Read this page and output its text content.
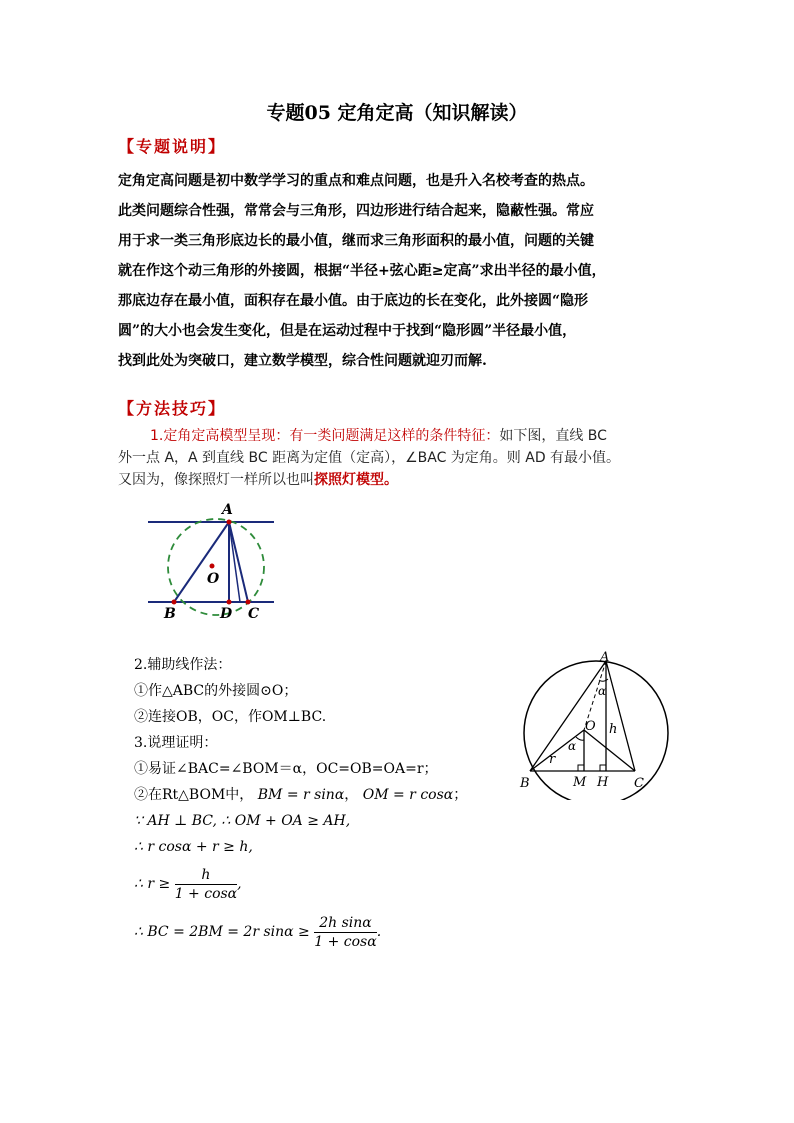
专题05 定角定高（知识解读）
【专题说明】

定角定高问题是初中数学学习的重点和难点问题，也是升入名校考查的热点。

此类问题综合性强，常常会与三角形，四边形进行结合起来，隐蔽性强。常应

用于求一类三角形底边长的最小值，继而求三角形面积的最小值，问题的关键

就在作这个动三角形的外接圆，根据“半径+弦心距≥定高”求出半径的最小值，

那底边存在最小值，面积存在最小值。由于底边的长在变化，此外接圆“隐形

圆”的大小也会发生变化，但是在运动过程中于找到“隐形圆”半径最小值，

找到此处为突破口，建立数学模型，综合性问题就迎刃而解.

【方法技巧】

1.定角定高模型呈现：有一类问题满足这样的条件特征：如下图，直线 BC

外一点 A，A 到直线 BC 距离为定值（定高），∠BAC 为定角。则 AD 有最小值。

又因为，像探照灯一样所以也叫探照灯模型。

A
B	D C
O
A
B	C
M H
O
r
h
α
α

2.辅助线作法：

①作△ABC的外接圆⊙O；

②连接OB，OC，作OM⊥BC.

3.说理证明：

①易证∠BAC=∠BOM＝α，OC=OB=OA=r；

②在Rt△BOM中， BM = r sinα， OM = r cosα；

∵ AH ⊥ BC, ∴ OM + OA ≥ AH,

∴ r cosα + r ≥ h,

∴ $r \ge \frac{h}{1 + \cos\alpha}$ ,

∴ BC = 2BM = 2r $\sin\alpha \ge \frac{\text{2h sinα}}{1 + \cos\alpha}$ .
